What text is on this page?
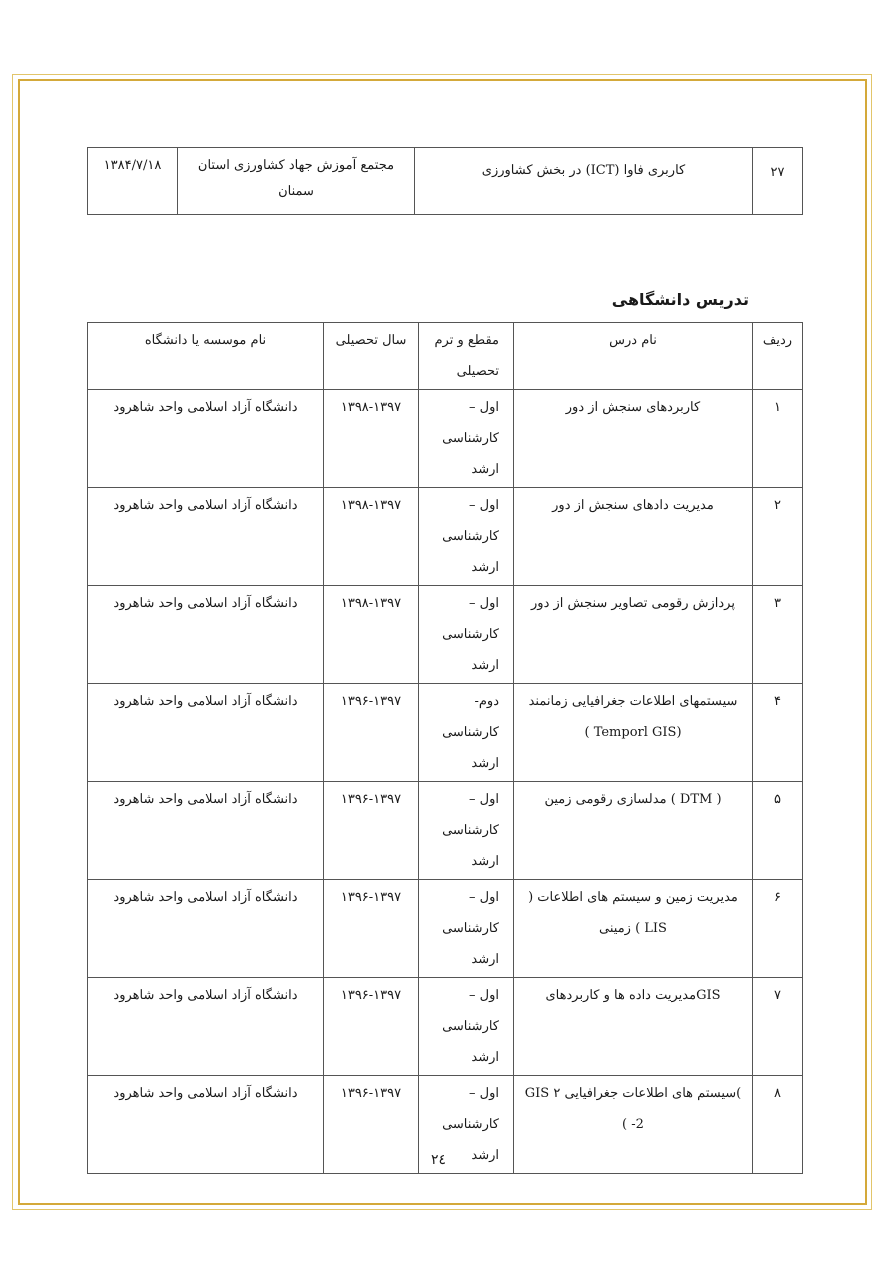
۲۷	کاربری فاوا (ICT) در بخش کشاورزی	مجتمع آموزش جهاد کشاورزی استان سمنان	۱۳۸۴/۷/۱۸
تدریس دانشگاهی
ردیف	نام درس	مقطع و ترم تحصیلی	سال تحصیلی	نام موسسه یا دانشگاه
۱	کاربردهای سنجش از دور	اول – کارشناسی ارشد	۱۳۹۸-۱۳۹۷	دانشگاه آزاد اسلامی واحد شاهرود
۲	مدیریت دادهای سنجش از دور	اول – کارشناسی ارشد	۱۳۹۸-۱۳۹۷	دانشگاه آزاد اسلامی واحد شاهرود
۳	پردازش رقومی تصاویر سنجش از دور	اول – کارشناسی ارشد	۱۳۹۸-۱۳۹۷	دانشگاه آزاد اسلامی واحد شاهرود
۴	سیستمهای اطلاعات جغرافیایی زمانمند (Temporl GIS )	دوم- کارشناسی ارشد	۱۳۹۶-۱۳۹۷	دانشگاه آزاد اسلامی واحد شاهرود
۵	( DTM ) مدلسازی رقومی زمین	اول – کارشناسی ارشد	۱۳۹۶-۱۳۹۷	دانشگاه آزاد اسلامی واحد شاهرود
۶	مدیریت زمین و سیستم های اطلاعات ( LIS ) زمینی	اول – کارشناسی ارشد	۱۳۹۶-۱۳۹۷	دانشگاه آزاد اسلامی واحد شاهرود
۷	GISمدیریت داده ها و کاربردهای	اول – کارشناسی ارشد	۱۳۹۶-۱۳۹۷	دانشگاه آزاد اسلامی واحد شاهرود
۸	)سیستم های اطلاعات جغرافیایی ۲ GIS -2 )	اول – کارشناسی ارشد	۱۳۹۶-۱۳۹۷	دانشگاه آزاد اسلامی واحد شاهرود
۲٤
